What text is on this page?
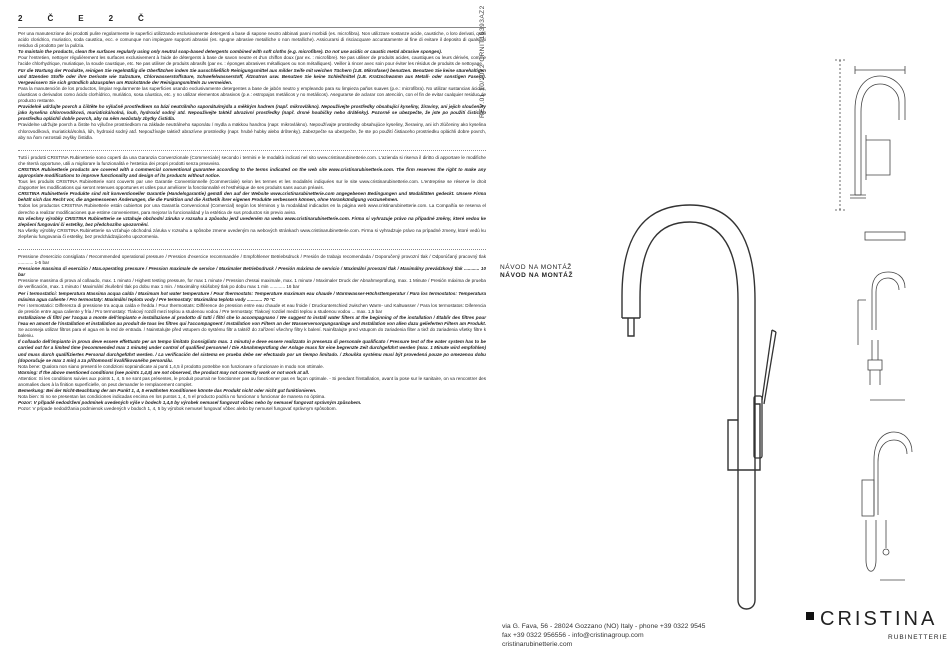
2	Č	E	2	Č

Per una manutenzione dei prodotti pulire regolarmente le superfici utilizzando esclusivamente detergenti a base di sapone neutro abbinati panni morbidi (es. microfibra). Non utilizzare sostanze acide, caustiche, o loro derivati, quali acido cloridrico, muriatico, soda caustica, ecc. e comunque non impiegare supporti abrasivi (es. spugne abrasive metalliche o non metalliche). Assicurarsi di risciacquare accuratamente al fine di evitare il deposito di qualsiasi residuo di prodotto per la pulizia.

To maintain the products, clean the surfaces regularly using only neutral soap-based detergents combined with soft cloths (e.g. microfibre). Do not use acidic or caustic metal abrasive sponges).

Pour l'entretien, nettoyer régulièrement les surfaces exclusivement à l'aide de détergents à base de savon neutre et d'un chiffon doux (par ex. : microfibre). Ne pas utiliser de produits acides, caustiques ou leurs dérivés, comme l'acide chlorhydrique, muriatique, la soude caustique, etc. Ne pas utiliser de produits abrasifs (par ex. : éponges abrasives métalliques ou non métalliques). Veiller à rincer avec soin pour éviter les résidus de produits de nettoyage.

Für die Wartung der Produkte, reinigen Sie regelmäßig die Oberflächen indem Sie ausschließlich Reinigungsmittel aus milder Seife mit weichen Tüchern (z.B. Mikrofaser) benutzen. Benutzen Sie keine säurehaltigen und ätzenden Stoffe oder ihre Derivate wie Salzsäure, Chlorwasserstoffsäure, Schwefelwasserstoff, Ätznatron usw. Benutzen Sie keine Schleifmittel (z.B. Kratzschwamm aus Metall- oder sonstigen Fasern). Vergewissern Sie sich gründlich abzuspülen um Rückstände der Reinigungsmitteln zu vermeiden.

Para la manutención de los productos, limpiar regularmente las superficies usando exclusivamente detergentes a base de jabón neutro y empleando para su limpieza paños suaves (p.e.: microfibra). No utilizar sustancias ácidas, cáusticas o derivados como ácido clorhídrico, muriático, sosa cáustica, etc. y no utilizar elementos abrasivos (p.e.: estropajos metálicos y no metálicos). Asegurarse de aclarar con atención, con el fin de evitar cualquier residuo de producto restante.

Pravidelně udržujte povrch a čištěte ho výlučně prostředkem na bázi neutrálního saponátu/mýdla a měkkým hadrem (např. mikrovlákno). Nepoužívejte prostředky obsahující kyseliny, žíraviny, ani jejich sloučeniny jako kyselina chlorovodíková, muriatická/solná, louh, hydroxid sodný atd. Nepoužívejte taktéž abrazivní prostředky (např. drsné houbičky nebo drátěnky). Pozorně se ubezpečte, že jste po použití čisticího prostředku opláchli dobře povrch, aby na něm nezůstaly zbytky čistidla.

Pravidelne udržujte povrch a čistite ho výlučne prostriedkom na základe neutrálneho saponátu / mydla a mäkkou handrou (napr. mikrovlákno). Nepoužívajte prostriedky obsahujúce kyseliny, žieraviny, ani ich zlúčeniny ako kyselina chlorovodíková, muriatická/solná, lúh, hydroxid sodný atď. Nepoužívajte taktiež abrazívne prostriedky (napr. hrubé hubky alebo drôtenky). Zabezpečte sa ubezpečte, že ste po použití čistiaceho prostriedku opláchli dobre povrch, aby na ňom nezostali zvyšky čistidla.

Tutti i prodotti CRISTINA Rubinetterie sono coperti da una Garanzia Convenzionale (Commerciale) secondo i termini e le modalità indicati nel sito www.cristinarubinetterie.com. L'azienda si riserva il diritto di apportare le modifiche che riterrà opportune, utili a migliorare la funzionalità e l'estetica dei propri prodotti senza preavviso.

CRISTINA Rubinetterie products are covered with a commercial conventional guarantee according to the terms indicated on the web site www.cristinarubinetterie.com. The firm reserves the right to make any appropriate modifications to improve functionality and design of its products without notice.

Tous les produits CRISTINA Rubinetterie sont couverts par une Garantie Conventionnelle (Commerciale) selon les termes et les modalités indiquées sur le site www.cristinarubinetterie.com. L'entreprise se réserve le droit d'apporter les modifications qui seront retenues opportunes et utiles pour améliorer la fonctionnalité et l'esthétique de ses produits sans aucun préavis.

CRISTINA Rubinetterie Produkte sind mit konventioneller Garantie (Handelsgarantie) gemäß den auf der Website www.cristinarubinetterie.com angegebenen Bedingungen und Modalitäten gedeckt. Unsere Firma behält sich das Recht vor, die angemessenen Änderungen, die die Funktion und die Ästhetik ihrer eigenen Produkte verbessern können, ohne Vorankündigung vorzunehmen.

Todos los productos CRISTINA Rubinetterie están cubiertos por una Garantía Convencional (Comercial) según los términos y la modalidad indicados en la página web www.cristinarubinetterie.com. La Compañía se reserva el derecho a realizar modificaciones que estime convenientes, para mejorar la funcionalidad y la estética de sus productos sin previo aviso.

Na všechny výrobky CRISTINA Rubinetterie se vztahuje obchodní záruka v rozsahu a způsobu jenž uvedeném na webu www.cristinarubinetterie.com. Firma si vyhrazuje právo na případné změny, které vedou ke zlepšení fungování či estetiky, bez předchozího upozornění.

Na všetky výrobky CRISTINA Rubinetterie sa vzťahuje obchodná záruka v rozsahu a spôsobe zmene uvedeným na webových stránkach www.cristinarubinetterie.com. Firma si vyhradzuje právo na prípadné zmeny, ktoré vedú ku zlepšeniu fungovania či estetiky, bez predchádzajúceho upozornenia.

Pressione d'esercizio consigliata / Recommended operational pressure / Pression d'exercice recommandée / Empfohlener Betriebsdruck / Presión de trabajo recomendada / Doporučený provozní tlak / Odporúčaný pracovný tlak ............ 1-5 bar

Pressione massima di esercizio / Max.operating pressure / Pression maximale de service / Maximaler Betriebsdruck / Presión máxima de servicio / Maximální provozní tlak / Maximálny prevádzkový tlak ............ 10 bar

Pressione massima di prova al collaudo, max. 1 minuto / Highest testing pressure, for max 1 minute / Pression d'essai maximale, max. 1 minute / Maximaler Druck der Abnahmeprüfung, max. 1 Minute / Presión máxima de prueba de verificación, max. 1 minuto / Maximální zkušební tlak po dobu max 1 min. / Maximálny skúšobný tlak po dobu max 1 min ............ 16 bar

Per i termostatici: temperatura Massima acqua calda / Maximum hot water temperature / Pour thermostats: Temperature maximum eau chaude / Warmwasser-Höchsttemperatur / Para los termostatos: Temperatura máxima agua caliente / Pro termostaty: Maximální teplota vody / Pre termostaty: Maximálna teplota vody ............ 70 °C

Per i termostatici: Differenza di pressione tra acqua calda e fredda / Pour thermostats: Différence de pression entre eau chaude et eau froide / Druckunterschied zwischen Warm- und Kaltwasser / Para los termostatos: Diferencia de presión entre agua caliente y fría / Pro termostaty: Tlakový rozdíl mezi teplou a studenou vodou / Pre termostaty: Tlakový rozdiel medzi teplou a studenou vodou ... max. 1,5 bar

Installazione di filtri per l'acqua a monte dell'impianto e installazione al prodotto di tutti i filtri che lo accompagnano / We suggest to install water filters at the beginning of the installation / Établir des filtres pour l'eau en amont de l'installation et installation au produit de tous les filtres qui l'accompagnent / Installation von Filtern an der Wasserversorgungsanlage und Installation von allen dazu gelieferten Filtern am Produkt.

Se aconseja utilizar filtros para el agua en la red de entrada. / Nainstalujte před vstupem do systému filtr a taktéž do zařízení všechny filtry k balení. Nainštalujte pred vstupom do zariadenia filter a tiež do zariadenia všetky filtre k baleniu.

Il collaudo dell'impianto in prova deve essere effettuato per un tempo limitato (consigliato max. 1 minuto) e deve essere realizzato in presenza di personale qualificato / Pressure test of the water system has to be carried out for a limited time (recommended max 1 minute) under control of qualified personnel / Die Abnahmeprüfung der Anlage muss für eine begrenzte Zeit durchgeführt werden (max. 1 Minute wird empfohlen) und muss durch qualifiziertes Personal durchgeführt werden. / La verificación del sistema en prueba debe ser efectuado por un tiempo limitado. / Zkouška systému musí být provedená pouze po omezenou dobu (doporučuje se max 1 min) a za přítomnosti kvalifikovaného personálu.

Nota bene: Qualora non siano presenti le condizioni sopraindicate ai punti 1,4,5 il prodotto potrebbe non funzionare o funzionare in modo non ottimale.

Warning: If the above mentioned conditions (see points 1,4,5) are not observed, the product may not correctly work or not work at all.

Attention: Si les conditions suivies aux points 1, 4, 5 ne sont pas présentes, le produit pourrait ne fonctionner pas ou fonctionner pas en façon optimale. - Si pendant l'installation, avant la pose sur le sanitaire, on va rencontrer des anomalies dues à la finition superficielle, on peut demander le remplacement complet.

Bemerkung: Bei der Nicht-Beachtung der am Punkt 1, 4, 5 erwähnten Konditionen könnte das Produkt nicht oder nicht gut funktionieren.

Nota bien: Si no se presentan las condiciones indicadas encima en los puntos 1, 4, 5 el producto podría no funcionar o funcionar de manera no óptima.

Pozor: V případě nedodržení podmínek uvedených výše v bodech 1,4,5 by výrobek nemusel fungovat vůbec nebo by nemusel fungovat správným způsobem.

Pozor: V prípade nedodržania podmienok uvedených v bodoch 1, 4, 5 by výrobok nemusel fungovať vôbec alebo by nemusel fungovať správnym spôsobom.

REV.01 10/2022 CRNIT16393AZ2
NÁVOD NA MONTÁŽ
NÁVOD NA MONTÁŽ
CRISTINA
RUBINETTERIE
via G. Fava, 56 - 28024 Gozzano (NO) Italy - phone +39 0322 9545
fax +39 0322 956556 - info@cristinagroup.com
cristinarubinetterie.com
